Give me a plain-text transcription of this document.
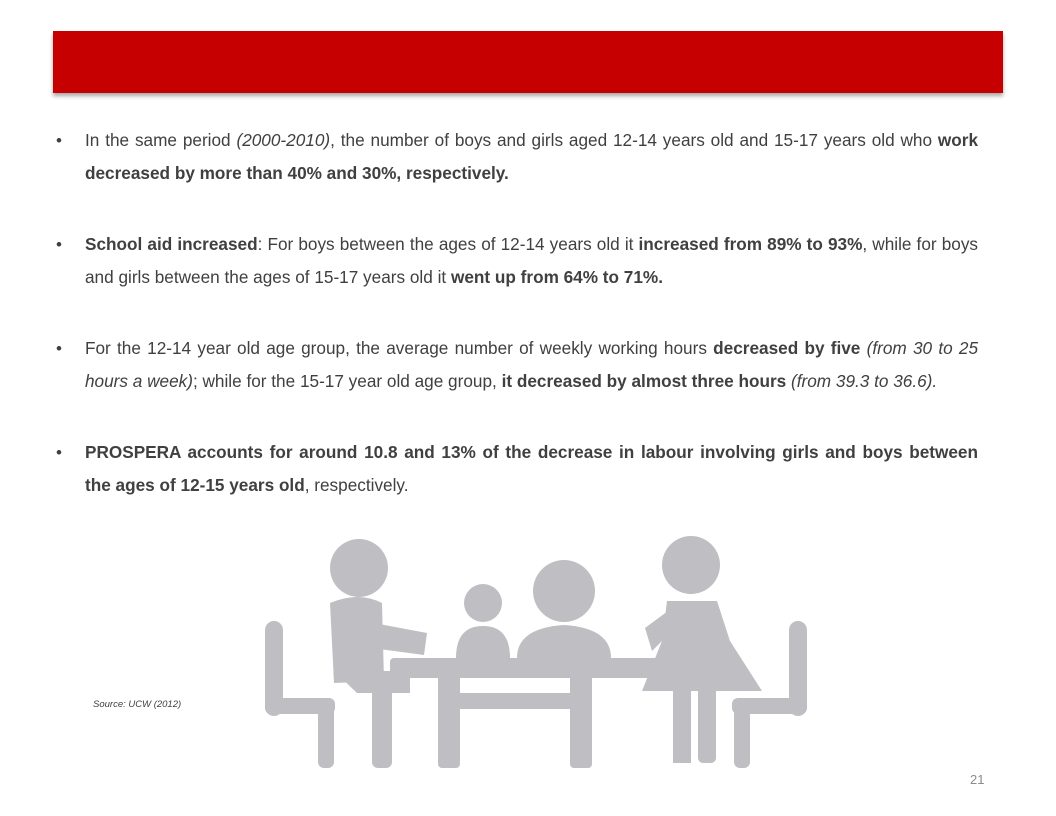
• In the same period (2000-2010), the number of boys and girls aged 12-14 years old and 15-17 years old who work decreased by more than 40% and 30%, respectively.
• School aid increased: For boys between the ages of 12-14 years old it increased from 89% to 93%, while for boys and girls between the ages of 15-17 years old it went up from 64% to 71%.
• For the 12-14 year old age group, the average number of weekly working hours decreased by five (from 30 to 25 hours a week); while for the 15-17 year old age group, it decreased by almost three hours (from 39.3 to 36.6).
• PROSPERA accounts for around 10.8 and 13% of the decrease in labour involving girls and boys between the ages of 12-15 years old, respectively.
Source: UCW (2012)
21
